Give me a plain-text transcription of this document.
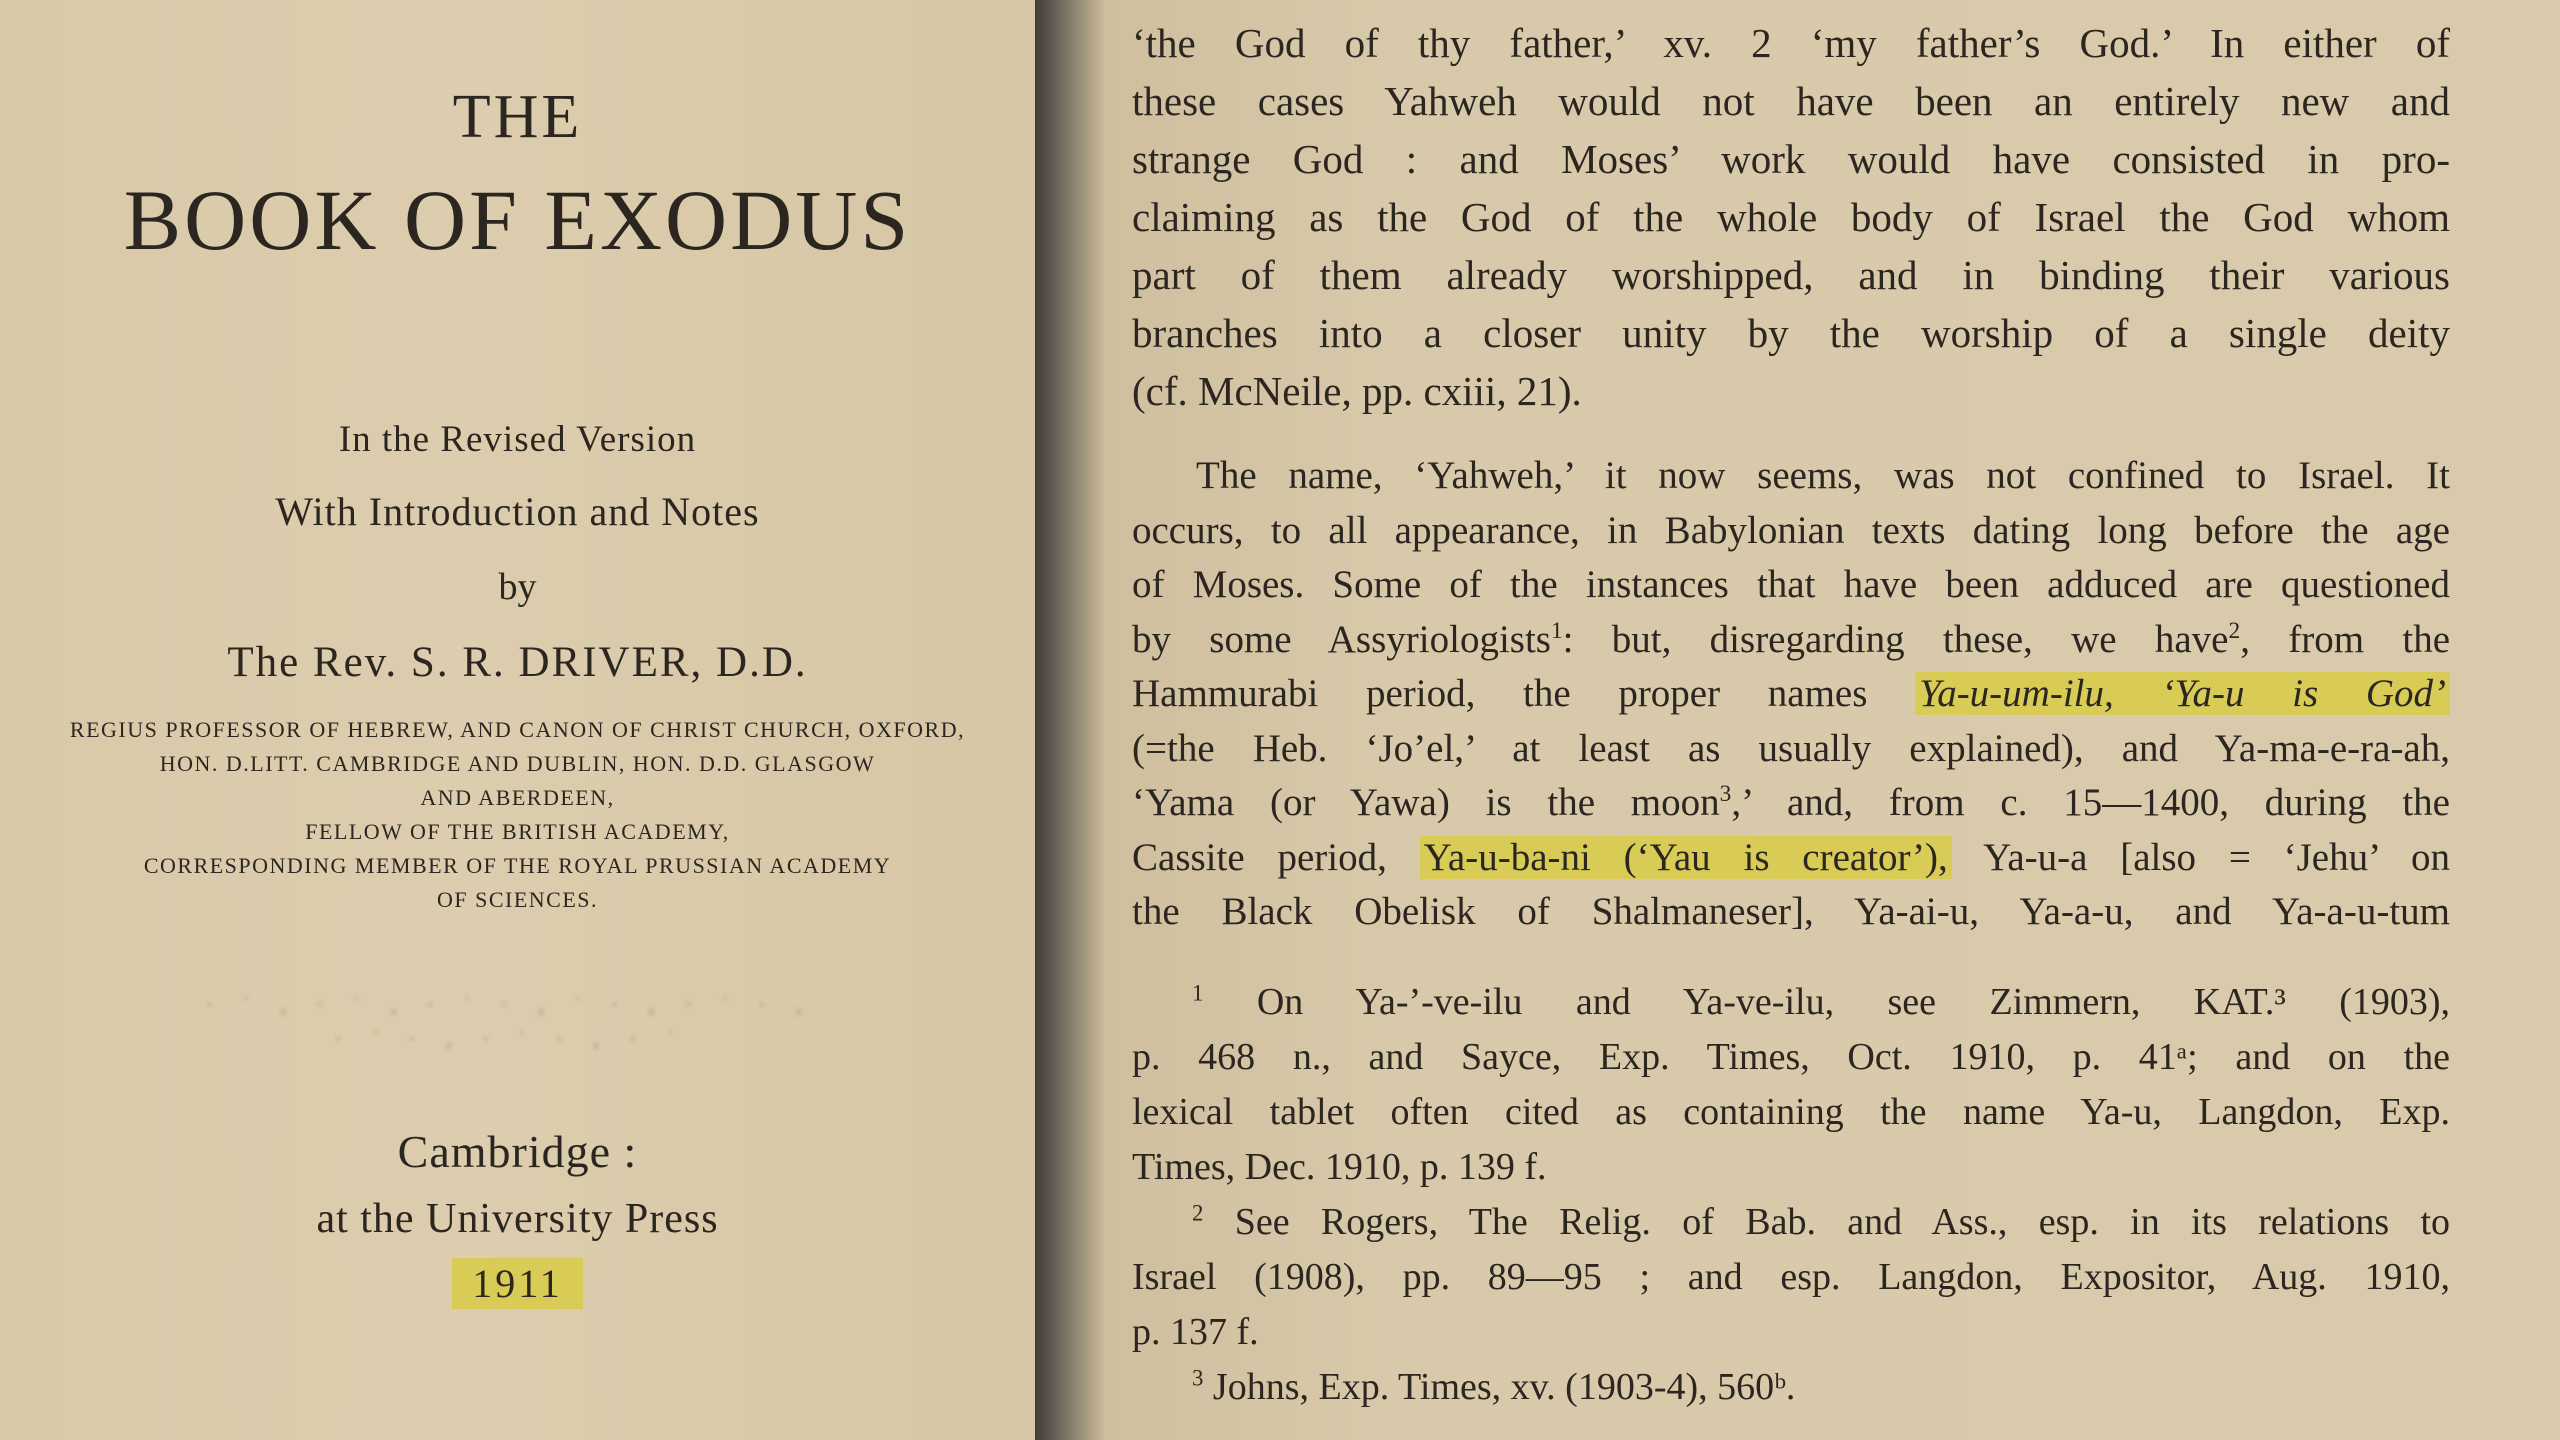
THE
BOOK OF EXODUS
In the Revised Version
With Introduction and Notes
by
The Rev. S. R. DRIVER, D.D.
REGIUS PROFESSOR OF HEBREW, AND CANON OF CHRIST CHURCH, OXFORD,
HON. D.LITT. CAMBRIDGE AND DUBLIN, HON. D.D. GLASGOW
AND ABERDEEN,
FELLOW OF THE BRITISH ACADEMY,
CORRESPONDING MEMBER OF THE ROYAL PRUSSIAN ACADEMY
OF SCIENCES.
· ˙ ‚ · ˙ ‚ · ˙ · ‚ ˙ · ‚ · ˙ · ‚
· ˙ · ‚ · ˙ · ‚ · ˙
Cambridge :
at the University Press
1911
‘the God of thy father,’ xv. 2 ‘my father’s God.’ In either of
these cases Yahweh would not have been an entirely new and
strange God : and Moses’ work would have consisted in pro-
claiming as the God of the whole body of Israel the God whom
part of them already worshipped, and in binding their various
branches into a closer unity by the worship of a single deity
(cf. McNeile, pp. cxiii, 21).
The name, ‘Yahweh,’ it now seems, was not confined to Israel. It
occurs, to all appearance, in Babylonian texts dating long before the age
of Moses. Some of the instances that have been adduced are questioned
by some Assyriologists$^1$: but, disregarding these, we have$^2$, from the
Hammurabi period, the proper names Ya-u-um-ilu, ‘Ya-u is God’
(=the Heb. ‘Jo’el,’ at least as usually explained), and Ya-ma-e-ra-ah,
‘Yama (or Yawa) is the moon$^3$,’ and, from c. 15—1400, during the
Cassite period, Ya-u-ba-ni (‘Yau is creator’), Ya-u-a [also = ‘Jehu’ on
the Black Obelisk of Shalmaneser], Ya-ai-u, Ya-a-u, and Ya-a-u-tum
$^1$ On Ya-’-ve-ilu and Ya-ve-ilu, see Zimmern, KAT.³ (1903),
p. 468 n., and Sayce, Exp. Times, Oct. 1910, p. 41ᵃ; and on the
lexical tablet often cited as containing the name Ya-u, Langdon, Exp.
Times, Dec. 1910, p. 139 f.
$^2$ See Rogers, The Relig. of Bab. and Ass., esp. in its relations to
Israel (1908), pp. 89—95 ; and esp. Langdon, Expositor, Aug. 1910,
p. 137 f.
$^3$ Johns, Exp. Times, xv. (1903-4), 560ᵇ.
